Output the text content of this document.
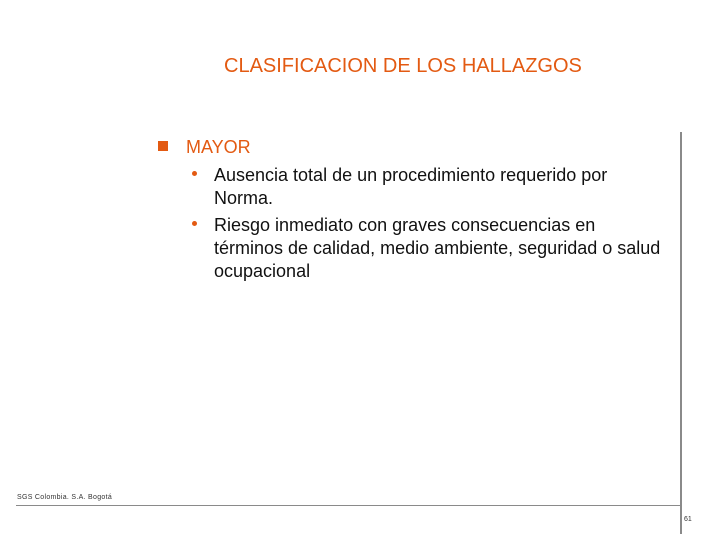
CLASIFICACION DE LOS HALLAZGOS
MAYOR
Ausencia total de un procedimiento requerido por Norma.
Riesgo inmediato con graves consecuencias en términos de calidad, medio ambiente, seguridad o salud ocupacional
SGS Colombia. S.A. Bogotá
61
